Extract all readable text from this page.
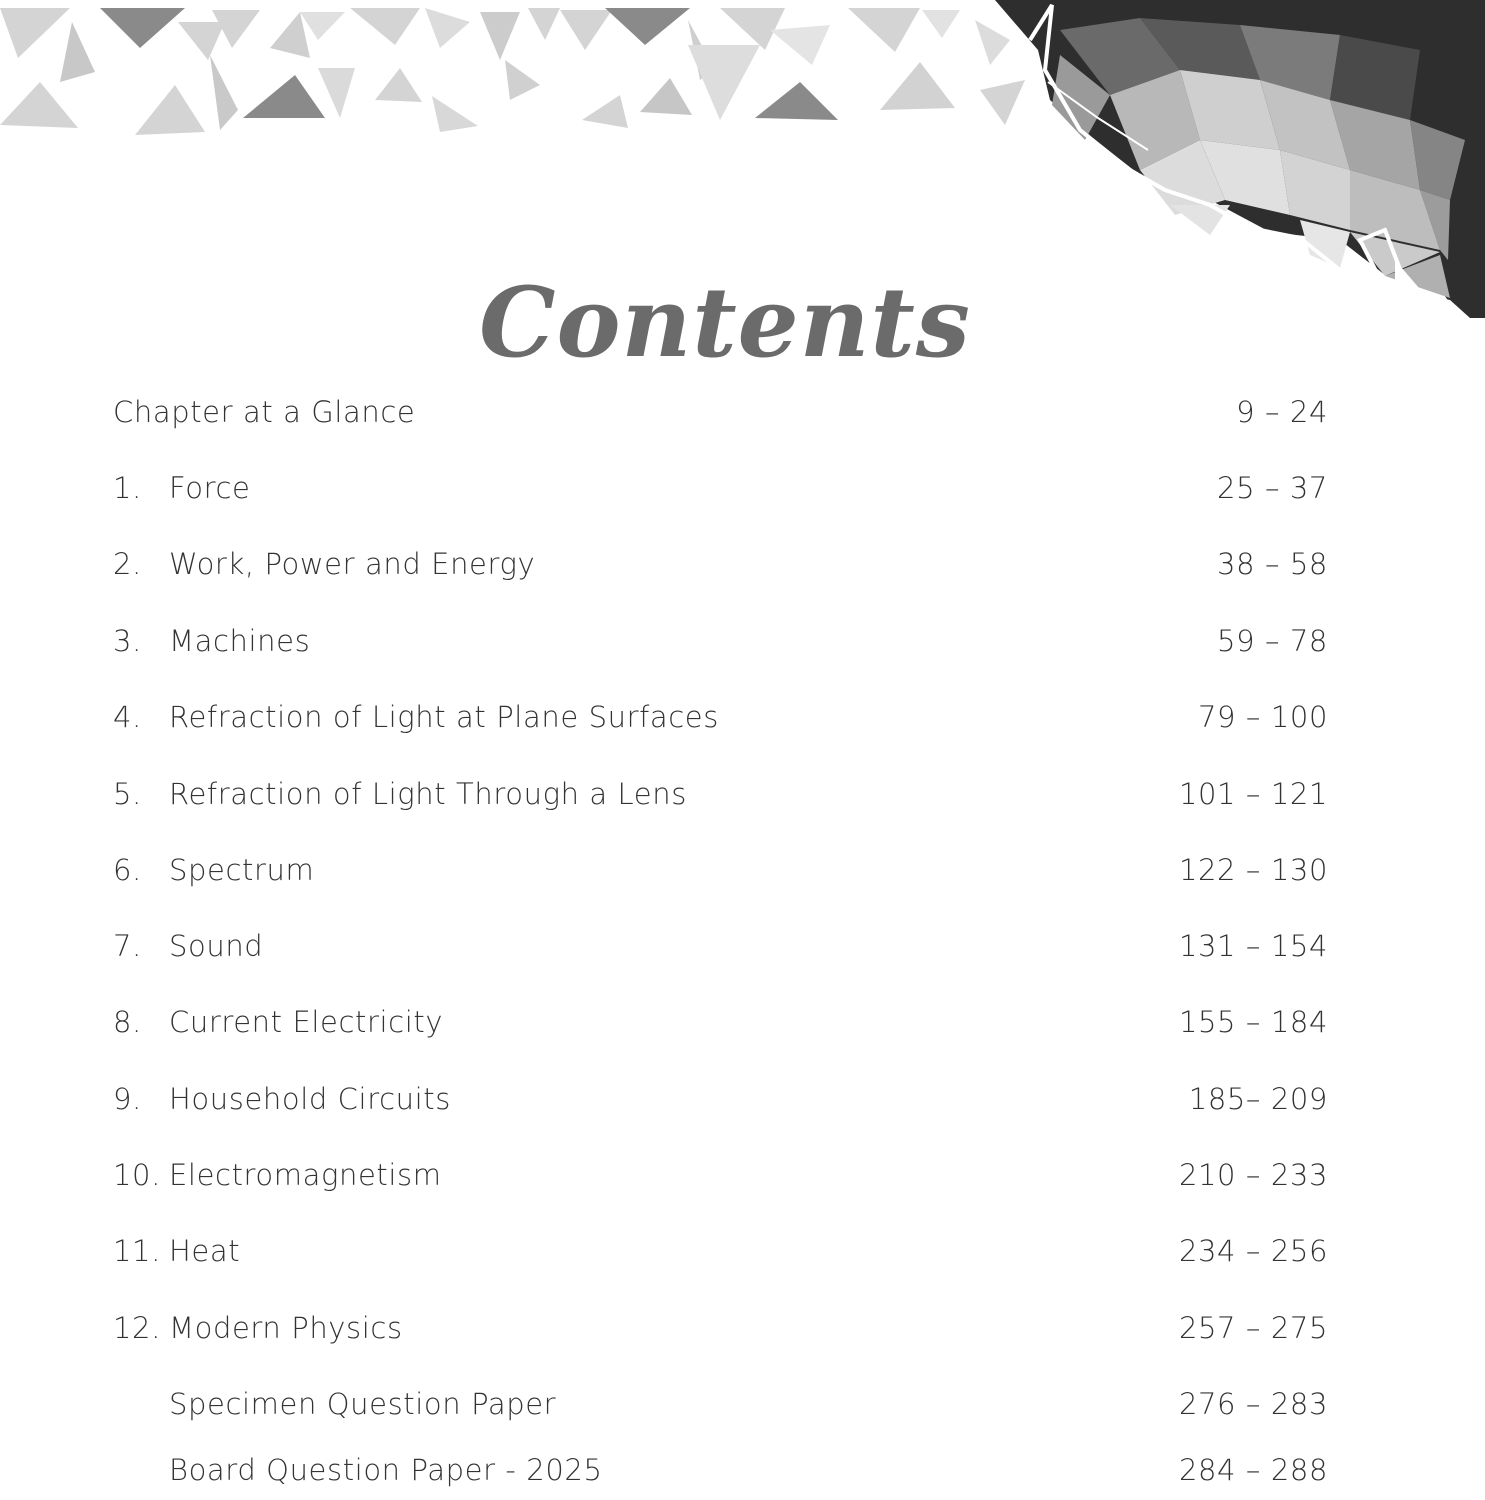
Contents
Chapter at a Glance	9 – 24
1. Force	25 – 37
2. Work, Power and Energy	38 – 58
3. Machines	59 – 78
4. Refraction of Light at Plane Surfaces	79 – 100
5. Refraction of Light Through a Lens	101 – 121
6. Spectrum	122 – 130
7. Sound	131 – 154
8. Current Electricity	155 – 184
9. Household Circuits	185– 209
10. Electromagnetism	210 – 233
11. Heat	234 – 256
12. Modern Physics	257 – 275
Specimen Question Paper	276 – 283
Board Question Paper - 2025	284 – 288
